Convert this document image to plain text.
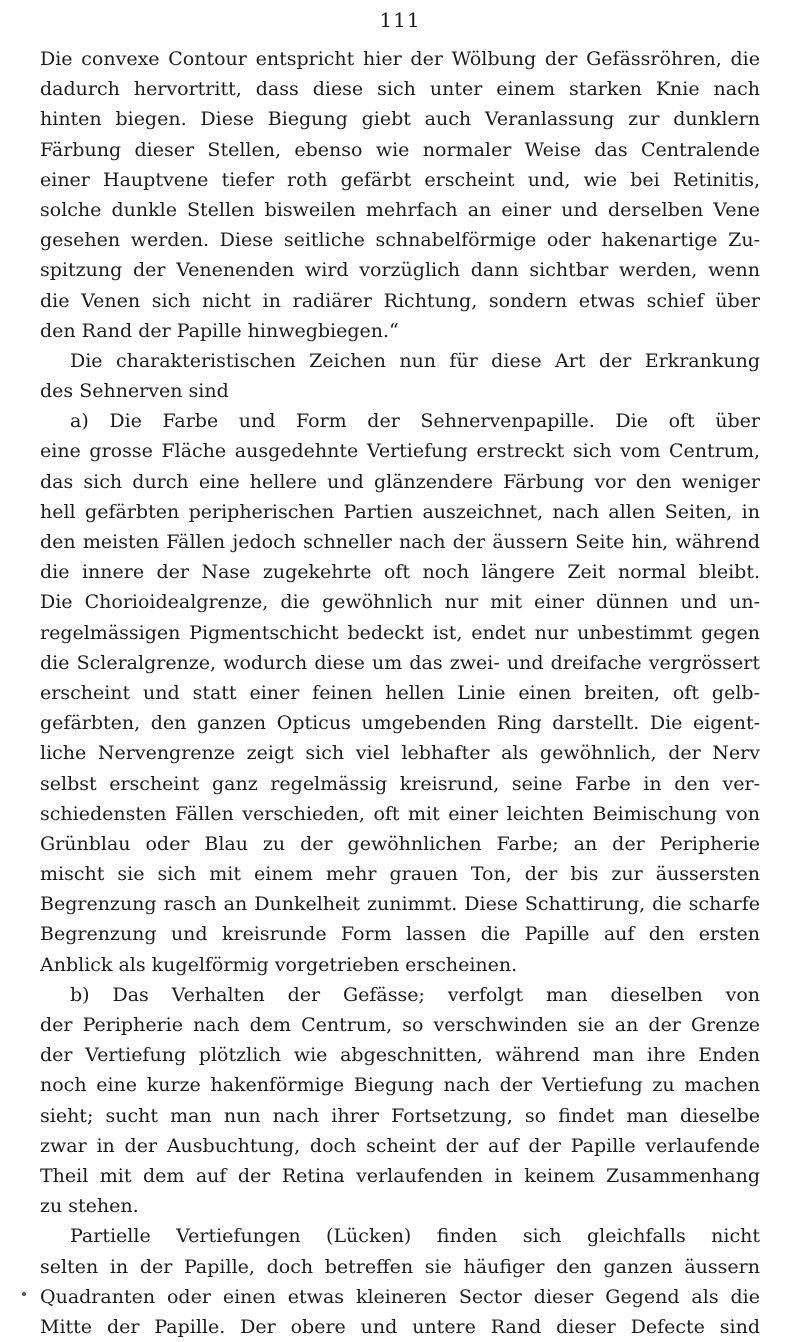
111
Die convexe Contour entspricht hier der Wölbung der Gefässröhren, die
dadurch hervortritt, dass diese sich unter einem starken Knie nach
hinten biegen. Diese Biegung giebt auch Veranlassung zur dunklern
Färbung dieser Stellen, ebenso wie normaler Weise das Centralende
einer Hauptvene tiefer roth gefärbt erscheint und, wie bei Retinitis,
solche dunkle Stellen bisweilen mehrfach an einer und derselben Vene
gesehen werden. Diese seitliche schnabelförmige oder hakenartige Zu-
spitzung der Venenenden wird vorzüglich dann sichtbar werden, wenn
die Venen sich nicht in radiärer Richtung, sondern etwas schief über
den Rand der Papille hinwegbiegen.“
Die charakteristischen Zeichen nun für diese Art der Erkrankung
des Sehnerven sind
a) Die Farbe und Form der Sehnervenpapille. Die oft über
eine grosse Fläche ausgedehnte Vertiefung erstreckt sich vom Centrum,
das sich durch eine hellere und glänzendere Färbung vor den weniger
hell gefärbten peripherischen Partien auszeichnet, nach allen Seiten, in
den meisten Fällen jedoch schneller nach der äussern Seite hin, während
die innere der Nase zugekehrte oft noch längere Zeit normal bleibt.
Die Chorioidealgrenze, die gewöhnlich nur mit einer dünnen und un-
regelmässigen Pigmentschicht bedeckt ist, endet nur unbestimmt gegen
die Scleralgrenze, wodurch diese um das zwei- und dreifache vergrössert
erscheint und statt einer feinen hellen Linie einen breiten, oft gelb-
gefärbten, den ganzen Opticus umgebenden Ring darstellt. Die eigent-
liche Nervengrenze zeigt sich viel lebhafter als gewöhnlich, der Nerv
selbst erscheint ganz regelmässig kreisrund, seine Farbe in den ver-
schiedensten Fällen verschieden, oft mit einer leichten Beimischung von
Grünblau oder Blau zu der gewöhnlichen Farbe; an der Peripherie
mischt sie sich mit einem mehr grauen Ton, der bis zur äussersten
Begrenzung rasch an Dunkelheit zunimmt. Diese Schattirung, die scharfe
Begrenzung und kreisrunde Form lassen die Papille auf den ersten
Anblick als kugelförmig vorgetrieben erscheinen.
b) Das Verhalten der Gefässe; verfolgt man dieselben von
der Peripherie nach dem Centrum, so verschwinden sie an der Grenze
der Vertiefung plötzlich wie abgeschnitten, während man ihre Enden
noch eine kurze hakenförmige Biegung nach der Vertiefung zu machen
sieht; sucht man nun nach ihrer Fortsetzung, so findet man dieselbe
zwar in der Ausbuchtung, doch scheint der auf der Papille verlaufende
Theil mit dem auf der Retina verlaufenden in keinem Zusammenhang
zu stehen.
Partielle Vertiefungen (Lücken) finden sich gleichfalls nicht
selten in der Papille, doch betreffen sie häufiger den ganzen äussern
Quadranten oder einen etwas kleineren Sector dieser Gegend als die
Mitte der Papille. Der obere und untere Rand dieser Defecte sind
